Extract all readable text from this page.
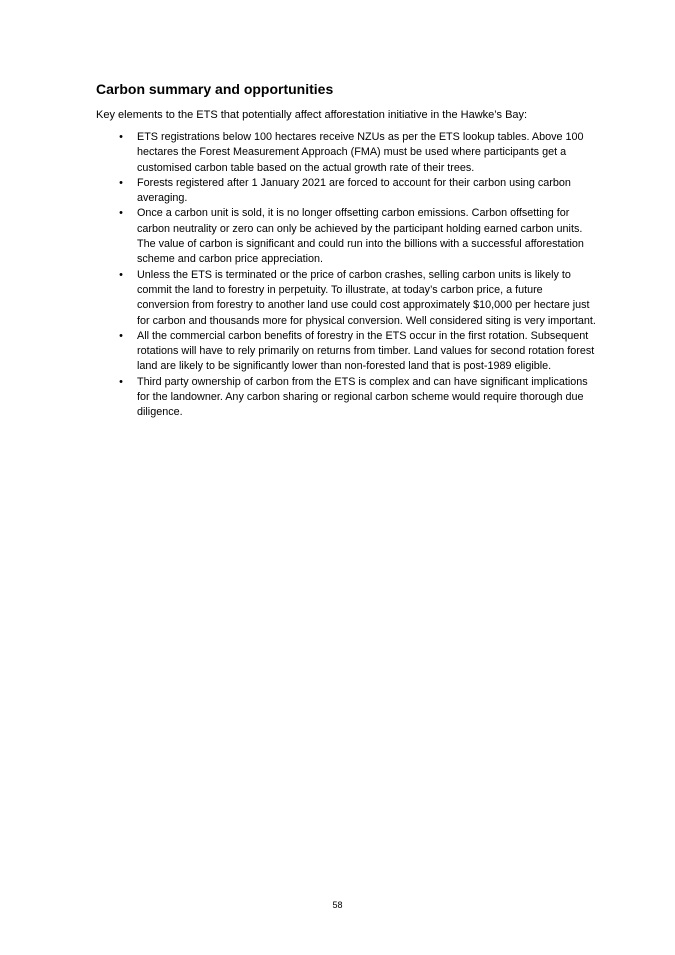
Carbon summary and opportunities

Key elements to the ETS that potentially affect afforestation initiative in the Hawke’s Bay:

• ETS registrations below 100 hectares receive NZUs as per the ETS lookup tables. Above 100 hectares the Forest Measurement Approach (FMA) must be used where participants get a customised carbon table based on the actual growth rate of their trees.
• Forests registered after 1 January 2021 are forced to account for their carbon using carbon averaging.
• Once a carbon unit is sold, it is no longer offsetting carbon emissions. Carbon offsetting for carbon neutrality or zero can only be achieved by the participant holding earned carbon units. The value of carbon is significant and could run into the billions with a successful afforestation scheme and carbon price appreciation.
• Unless the ETS is terminated or the price of carbon crashes, selling carbon units is likely to commit the land to forestry in perpetuity. To illustrate, at today’s carbon price, a future conversion from forestry to another land use could cost approximately $10,000 per hectare just for carbon and thousands more for physical conversion. Well considered siting is very important.
• All the commercial carbon benefits of forestry in the ETS occur in the first rotation. Subsequent rotations will have to rely primarily on returns from timber. Land values for second rotation forest land are likely to be significantly lower than non-forested land that is post-1989 eligible.
• Third party ownership of carbon from the ETS is complex and can have significant implications for the landowner. Any carbon sharing or regional carbon scheme would require thorough due diligence.
58
